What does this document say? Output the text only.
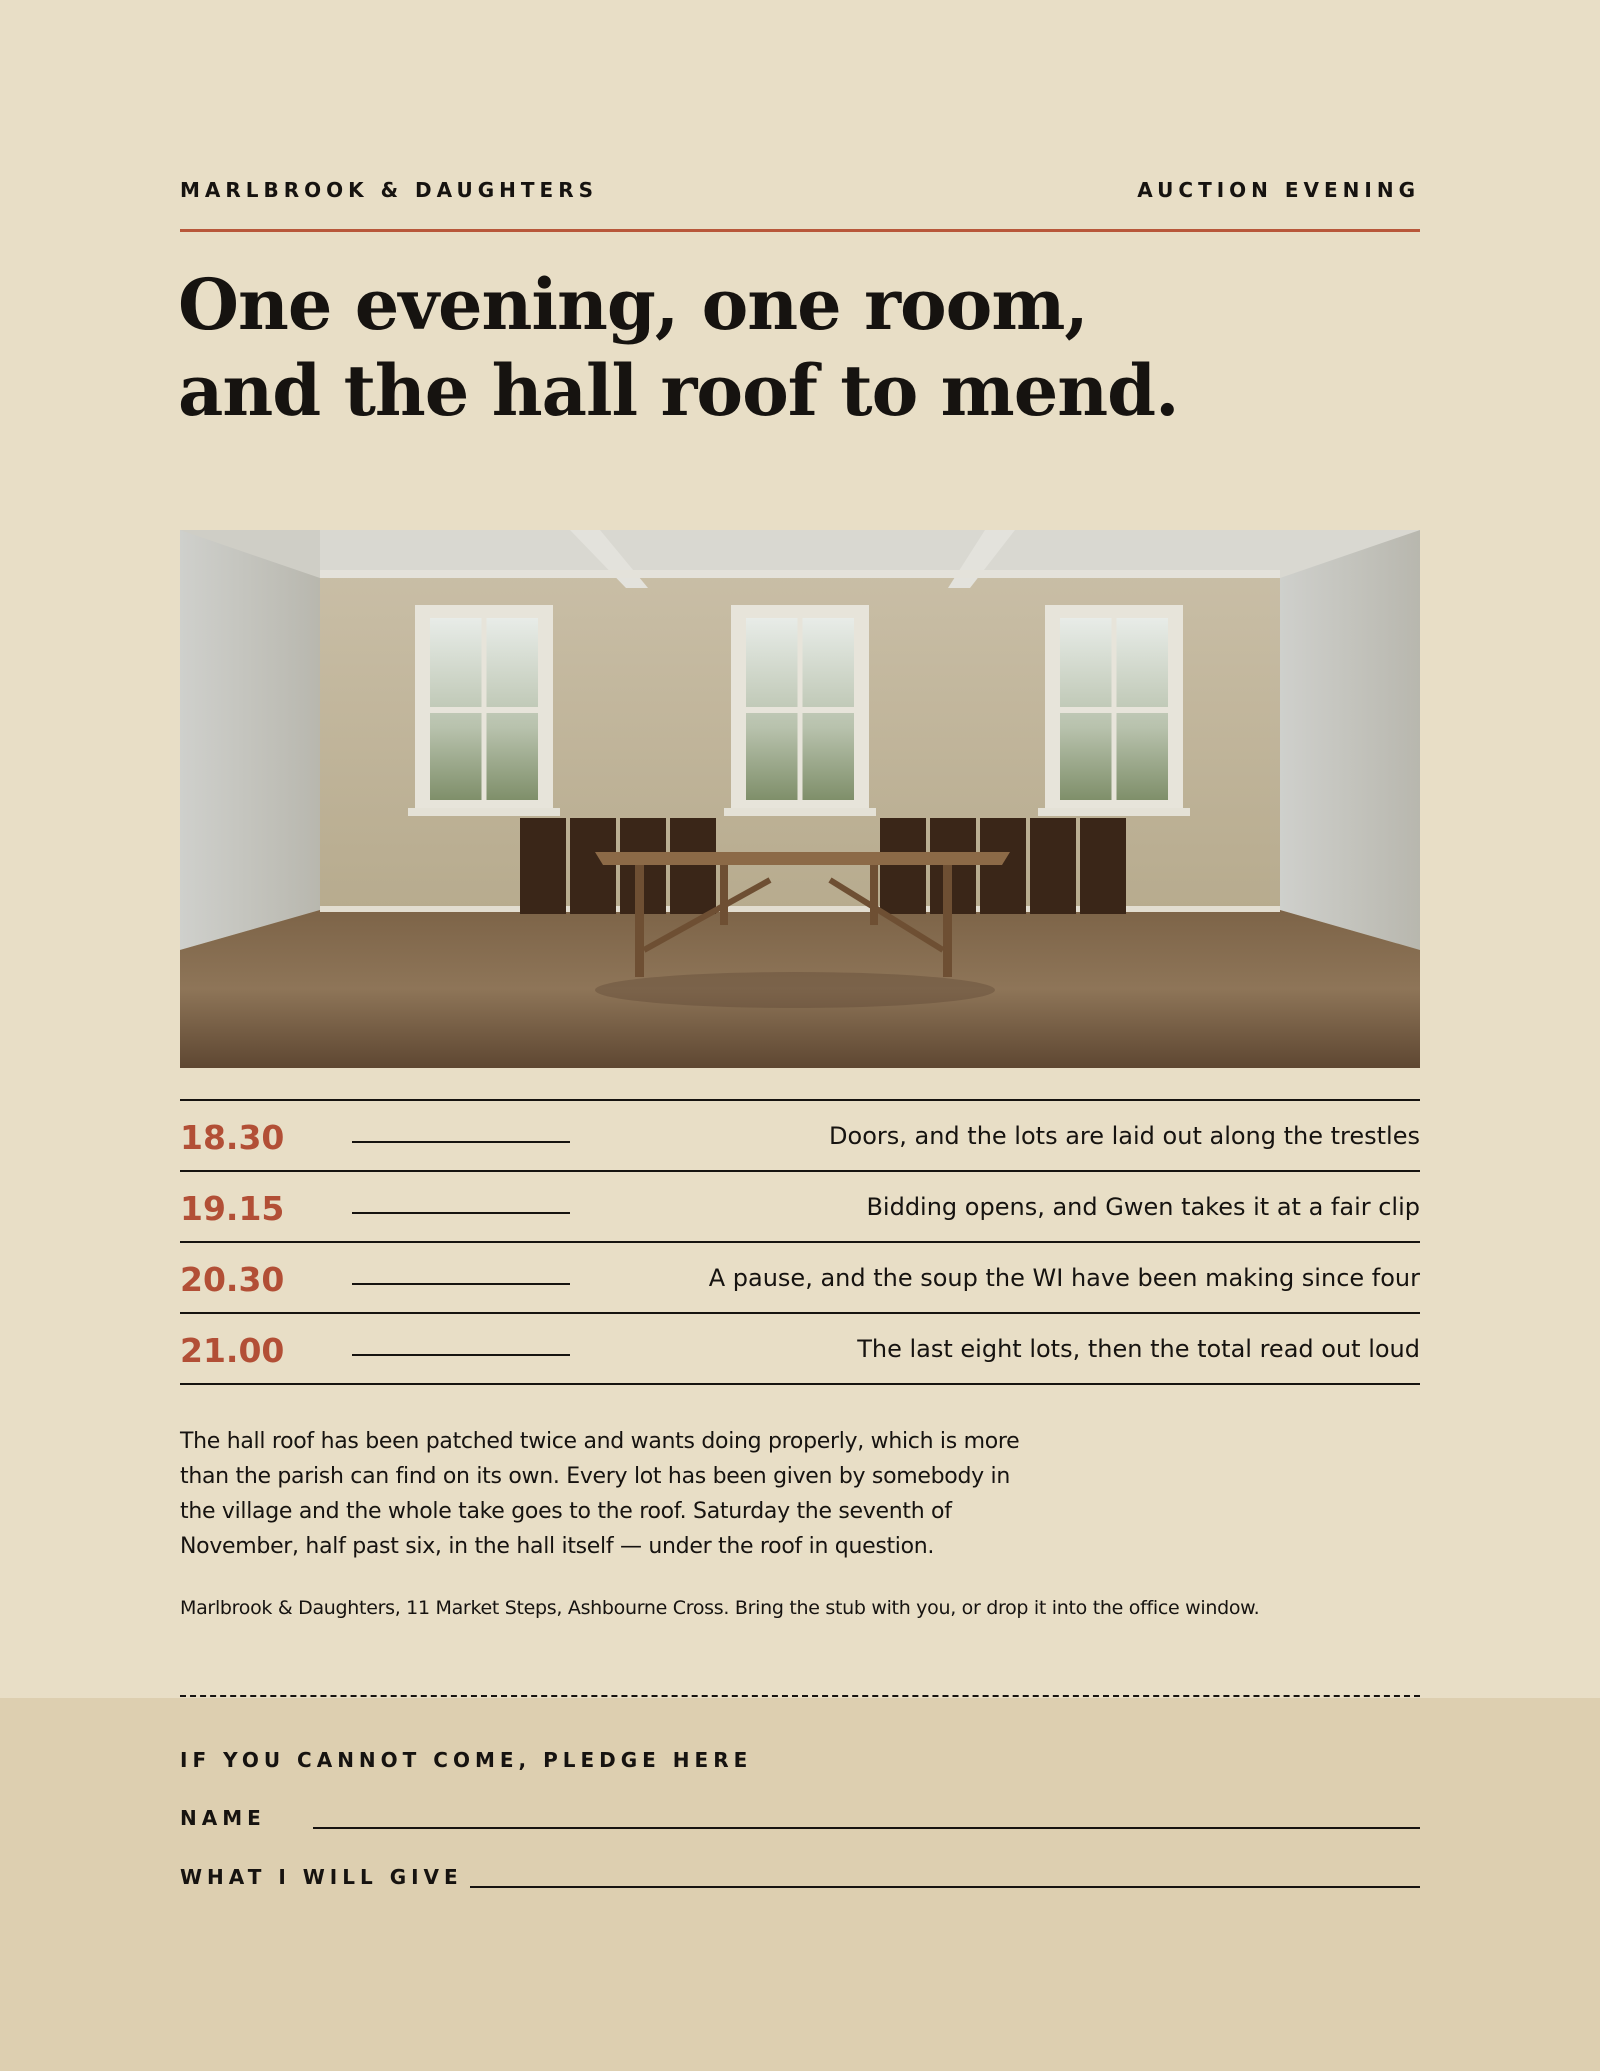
MARLBROOK & DAUGHTERS	AUCTION EVENING
One evening, one room,
and the hall roof to mend.
18.30	Doors, and the lots are laid out along the trestles
19.15	Bidding opens, and Gwen takes it at a fair clip
20.30	A pause, and the soup the WI have been making since four
21.00	The last eight lots, then the total read out loud

The hall roof has been patched twice and wants doing properly, which is more than the parish can find on its own. Every lot has been given by somebody in the village and the whole take goes to the roof. Saturday the seventh of November, half past six, in the hall itself — under the roof in question.

Marlbrook & Daughters, 11 Market Steps, Ashbourne Cross. Bring the stub with you, or drop it into the office window.

IF YOU CANNOT COME, PLEDGE HERE
NAME
WHAT I WILL GIVE
